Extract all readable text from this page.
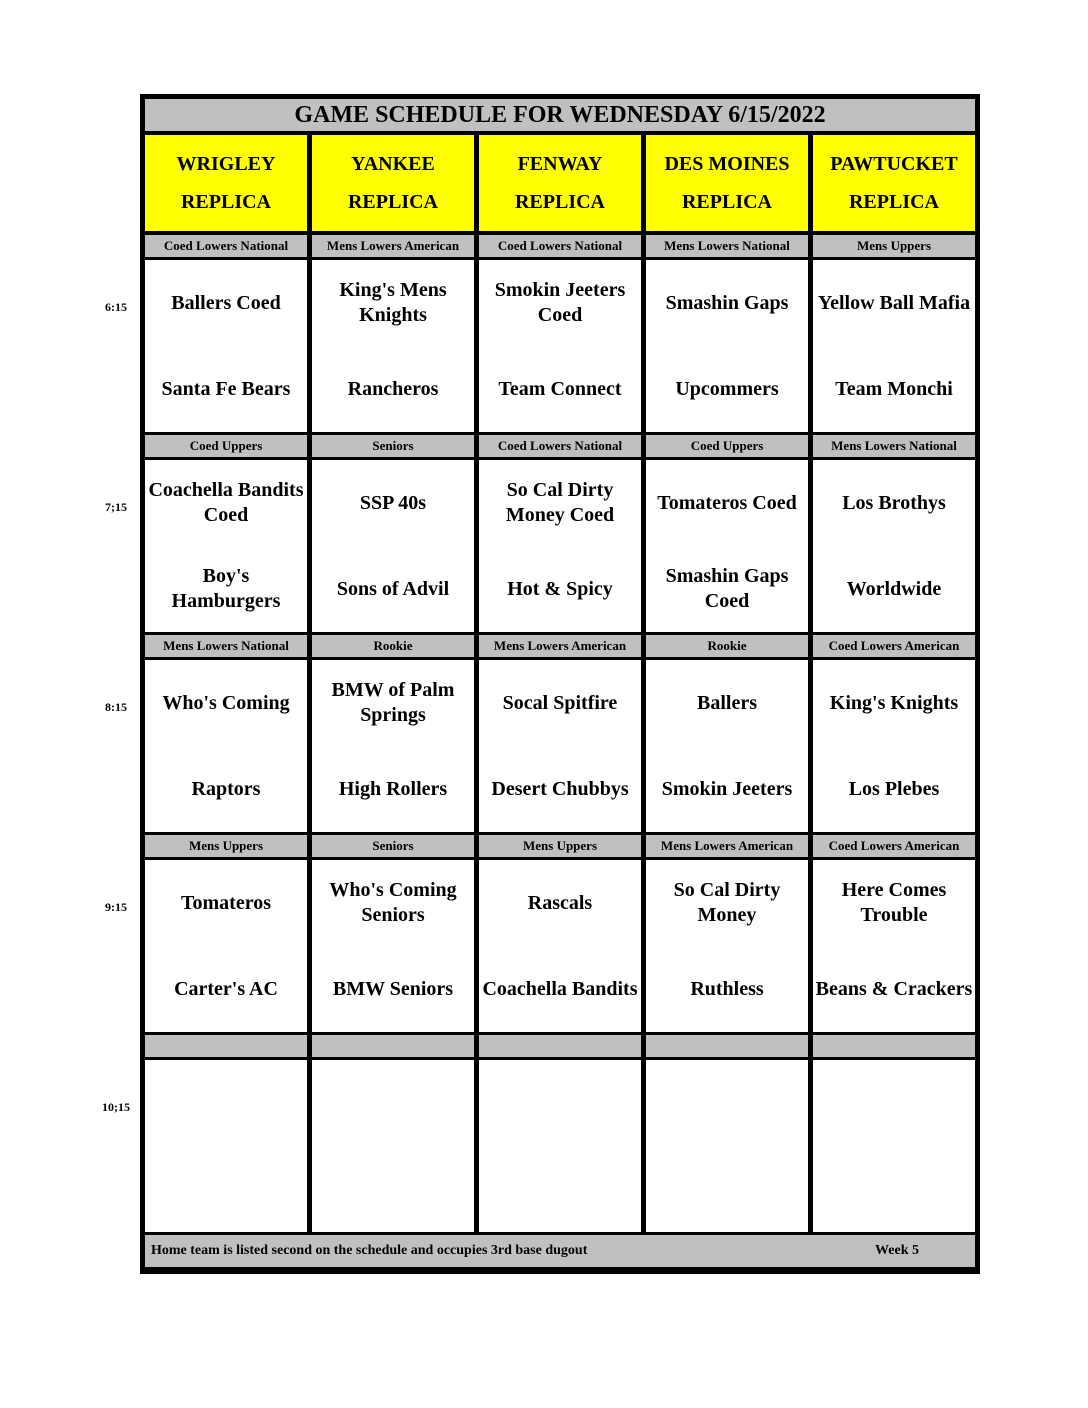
GAME SCHEDULE FOR WEDNESDAY 6/15/2022
WRIGLEY
REPLICA
YANKEE
REPLICA
FENWAY
REPLICA
DES MOINES
REPLICA
PAWTUCKET
REPLICA
Coed Lowers National
Ballers Coed
Santa Fe Bears
Mens Lowers American
King's Mens
Knights
Rancheros
Coed Lowers National
Smokin Jeeters
Coed
Team Connect
Mens Lowers National
Smashin Gaps
Upcommers
Mens Uppers
Yellow Ball Mafia
Team Monchi
Coed Uppers
Coachella Bandits
Coed
Boy's
Hamburgers
Seniors
SSP 40s
Sons of Advil
Coed Lowers National
So Cal Dirty
Money Coed
Hot & Spicy
Coed Uppers
Tomateros Coed
Smashin Gaps
Coed
Mens Lowers National
Los Brothys
Worldwide
Mens Lowers National
Who's Coming
Raptors
Rookie
BMW of Palm
Springs
High Rollers
Mens Lowers American
Socal Spitfire
Desert Chubbys
Rookie
Ballers
Smokin Jeeters
Coed Lowers American
King's Knights
Los Plebes
Mens Uppers
Tomateros
Carter's AC
Seniors
Who's Coming
Seniors
BMW Seniors
Mens Uppers
Rascals
Coachella Bandits
Mens Lowers American
So Cal Dirty
Money
Ruthless
Coed Lowers American
Here Comes
Trouble
Beans & Crackers
Home team is listed second on the schedule and occupies 3rd base dugout	Week 5
6:15
7;15
8:15
9:15
10;15
